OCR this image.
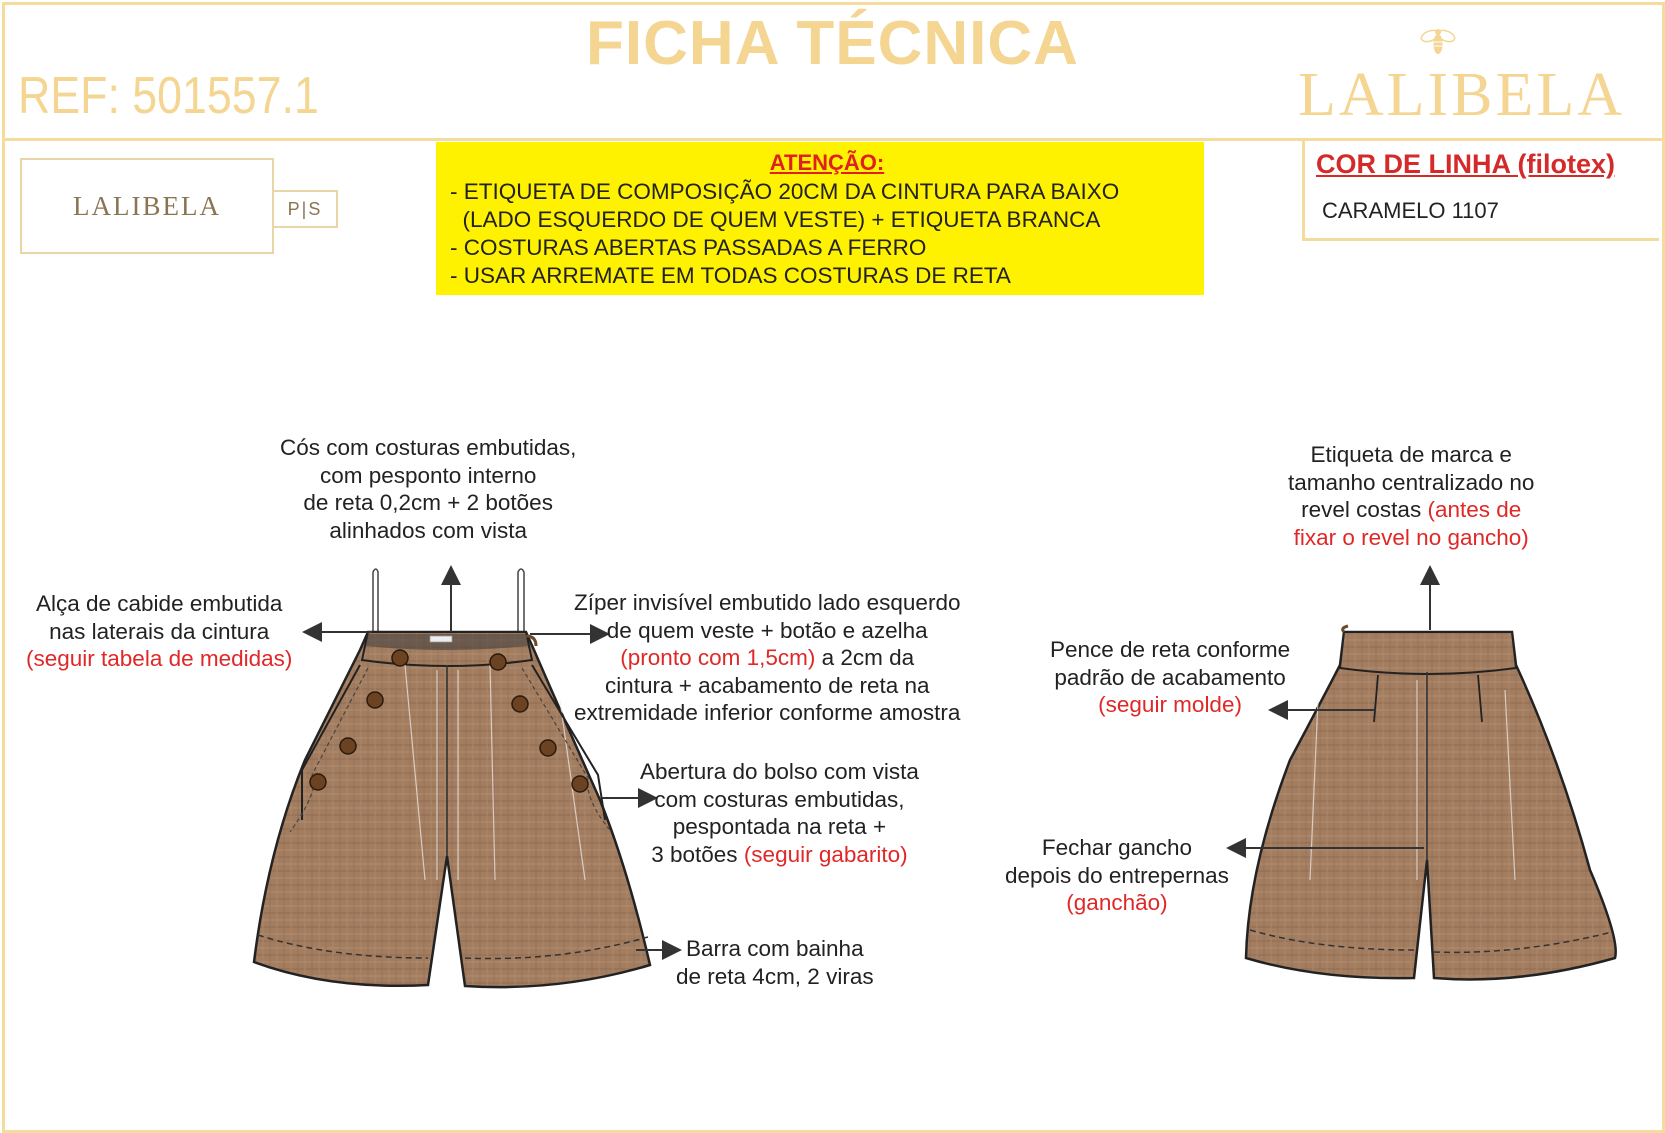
FICHA TÉCNICA
REF: 501557.1	LALIBELA
LALIBELA	P|S
ATENÇÃO:
- ETIQUETA DE COMPOSIÇÃO 20CM DA CINTURA PARA BAIXO
(LADO ESQUERDO DE QUEM VESTE) + ETIQUETA BRANCA
- COSTURAS ABERTAS PASSADAS A FERRO
- USAR ARREMATE EM TODAS COSTURAS DE RETA
COR DE LINHA (filotex)
CARAMELO 1107
Cós com costuras embutidas,
com pesponto interno
de reta 0,2cm + 2 botões
alinhados com vista
Alça de cabide embutida
nas laterais da cintura
(seguir tabela de medidas)
Zíper invisível embutido lado esquerdo
de quem veste + botão e azelha
(pronto com 1,5cm) a 2cm da
cintura + acabamento de reta na
extremidade inferior conforme amostra
Abertura do bolso com vista
com costuras embutidas,
pespontada na reta +
3 botões (seguir gabarito)
Barra com bainha
de reta 4cm, 2 viras
Etiqueta de marca e
tamanho centralizado no
revel costas (antes de
fixar o revel no gancho)
Pence de reta conforme
padrão de acabamento
(seguir molde)
Fechar gancho
depois do entrepernas
(ganchão)
